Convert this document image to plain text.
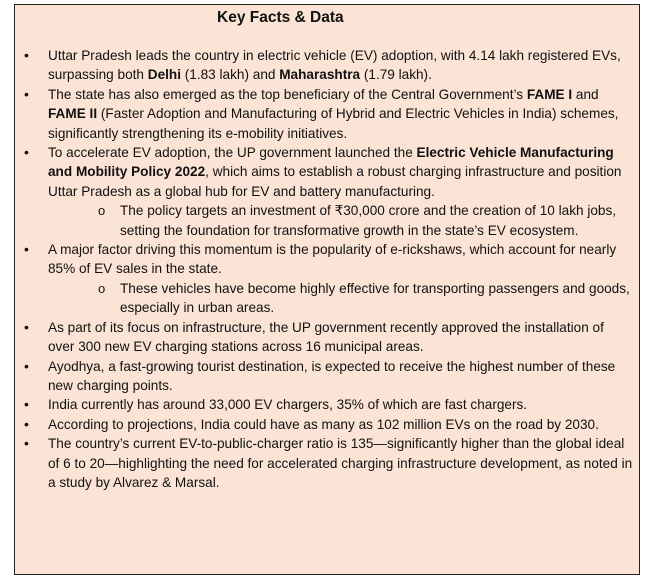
Key Facts & Data
• Uttar Pradesh leads the country in electric vehicle (EV) adoption, with 4.14 lakh registered EVs, surpassing both Delhi (1.83 lakh) and Maharashtra (1.79 lakh).
• The state has also emerged as the top beneficiary of the Central Government’s FAME I and FAME II (Faster Adoption and Manufacturing of Hybrid and Electric Vehicles in India) schemes, significantly strengthening its e-mobility initiatives.
• To accelerate EV adoption, the UP government launched the Electric Vehicle Manufacturing and Mobility Policy 2022, which aims to establish a robust charging infrastructure and position Uttar Pradesh as a global hub for EV and battery manufacturing.
o The policy targets an investment of ₹30,000 crore and the creation of 10 lakh jobs, setting the foundation for transformative growth in the state’s EV ecosystem.
• A major factor driving this momentum is the popularity of e-rickshaws, which account for nearly 85% of EV sales in the state.
o These vehicles have become highly effective for transporting passengers and goods, especially in urban areas.
• As part of its focus on infrastructure, the UP government recently approved the installation of over 300 new EV charging stations across 16 municipal areas.
• Ayodhya, a fast-growing tourist destination, is expected to receive the highest number of these new charging points.
• India currently has around 33,000 EV chargers, 35% of which are fast chargers.
• According to projections, India could have as many as 102 million EVs on the road by 2030.
• The country’s current EV-to-public-charger ratio is 135—significantly higher than the global ideal of 6 to 20—highlighting the need for accelerated charging infrastructure development, as noted in a study by Alvarez & Marsal.
